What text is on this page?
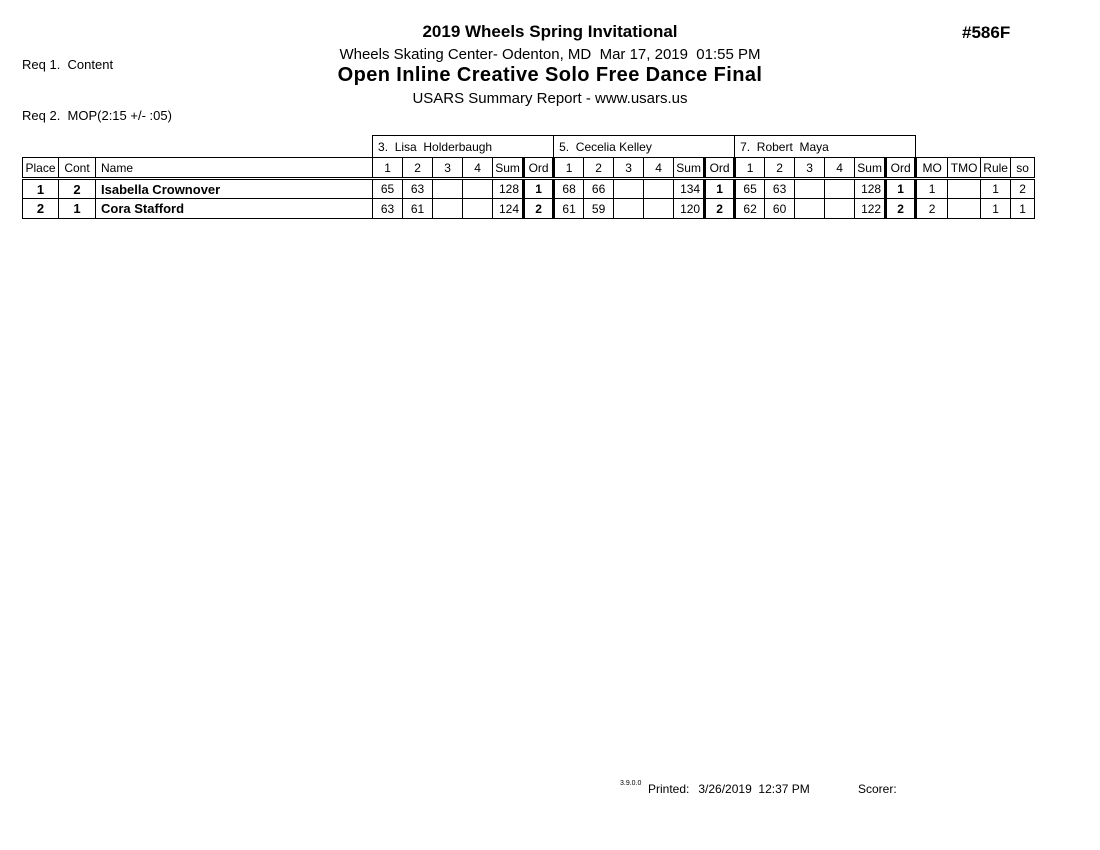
Req 1.  Content

Req 2.  MOP(2:15 +/- :05)

2019 Wheels Spring Invitational
Wheels Skating Center- Odenton, MD  Mar 17, 2019  01:55 PM
Open Inline Creative Solo Free Dance Final
USARS Summary Report - www.usars.us
#586F
			3.  Lisa  Holderbaugh						5.  Cecelia Kelley						7.  Robert  Maya									
Place	Cont	Name	1	2	3	4	Sum	Ord	1	2	3	4	Sum	Ord	1	2	3	4	Sum	Ord	MO	TMO	Rule	so
1	2	Isabella Crownover	65	63			128	1	68	66			134	1	65	63			128	1	1		1	2
2	1	Cora Stafford	63	61			124	2	61	59			120	2	62	60			122	2	2		1	1
3.9.0.0 Printed: 3/26/2019  12:37 PM	Scorer:
